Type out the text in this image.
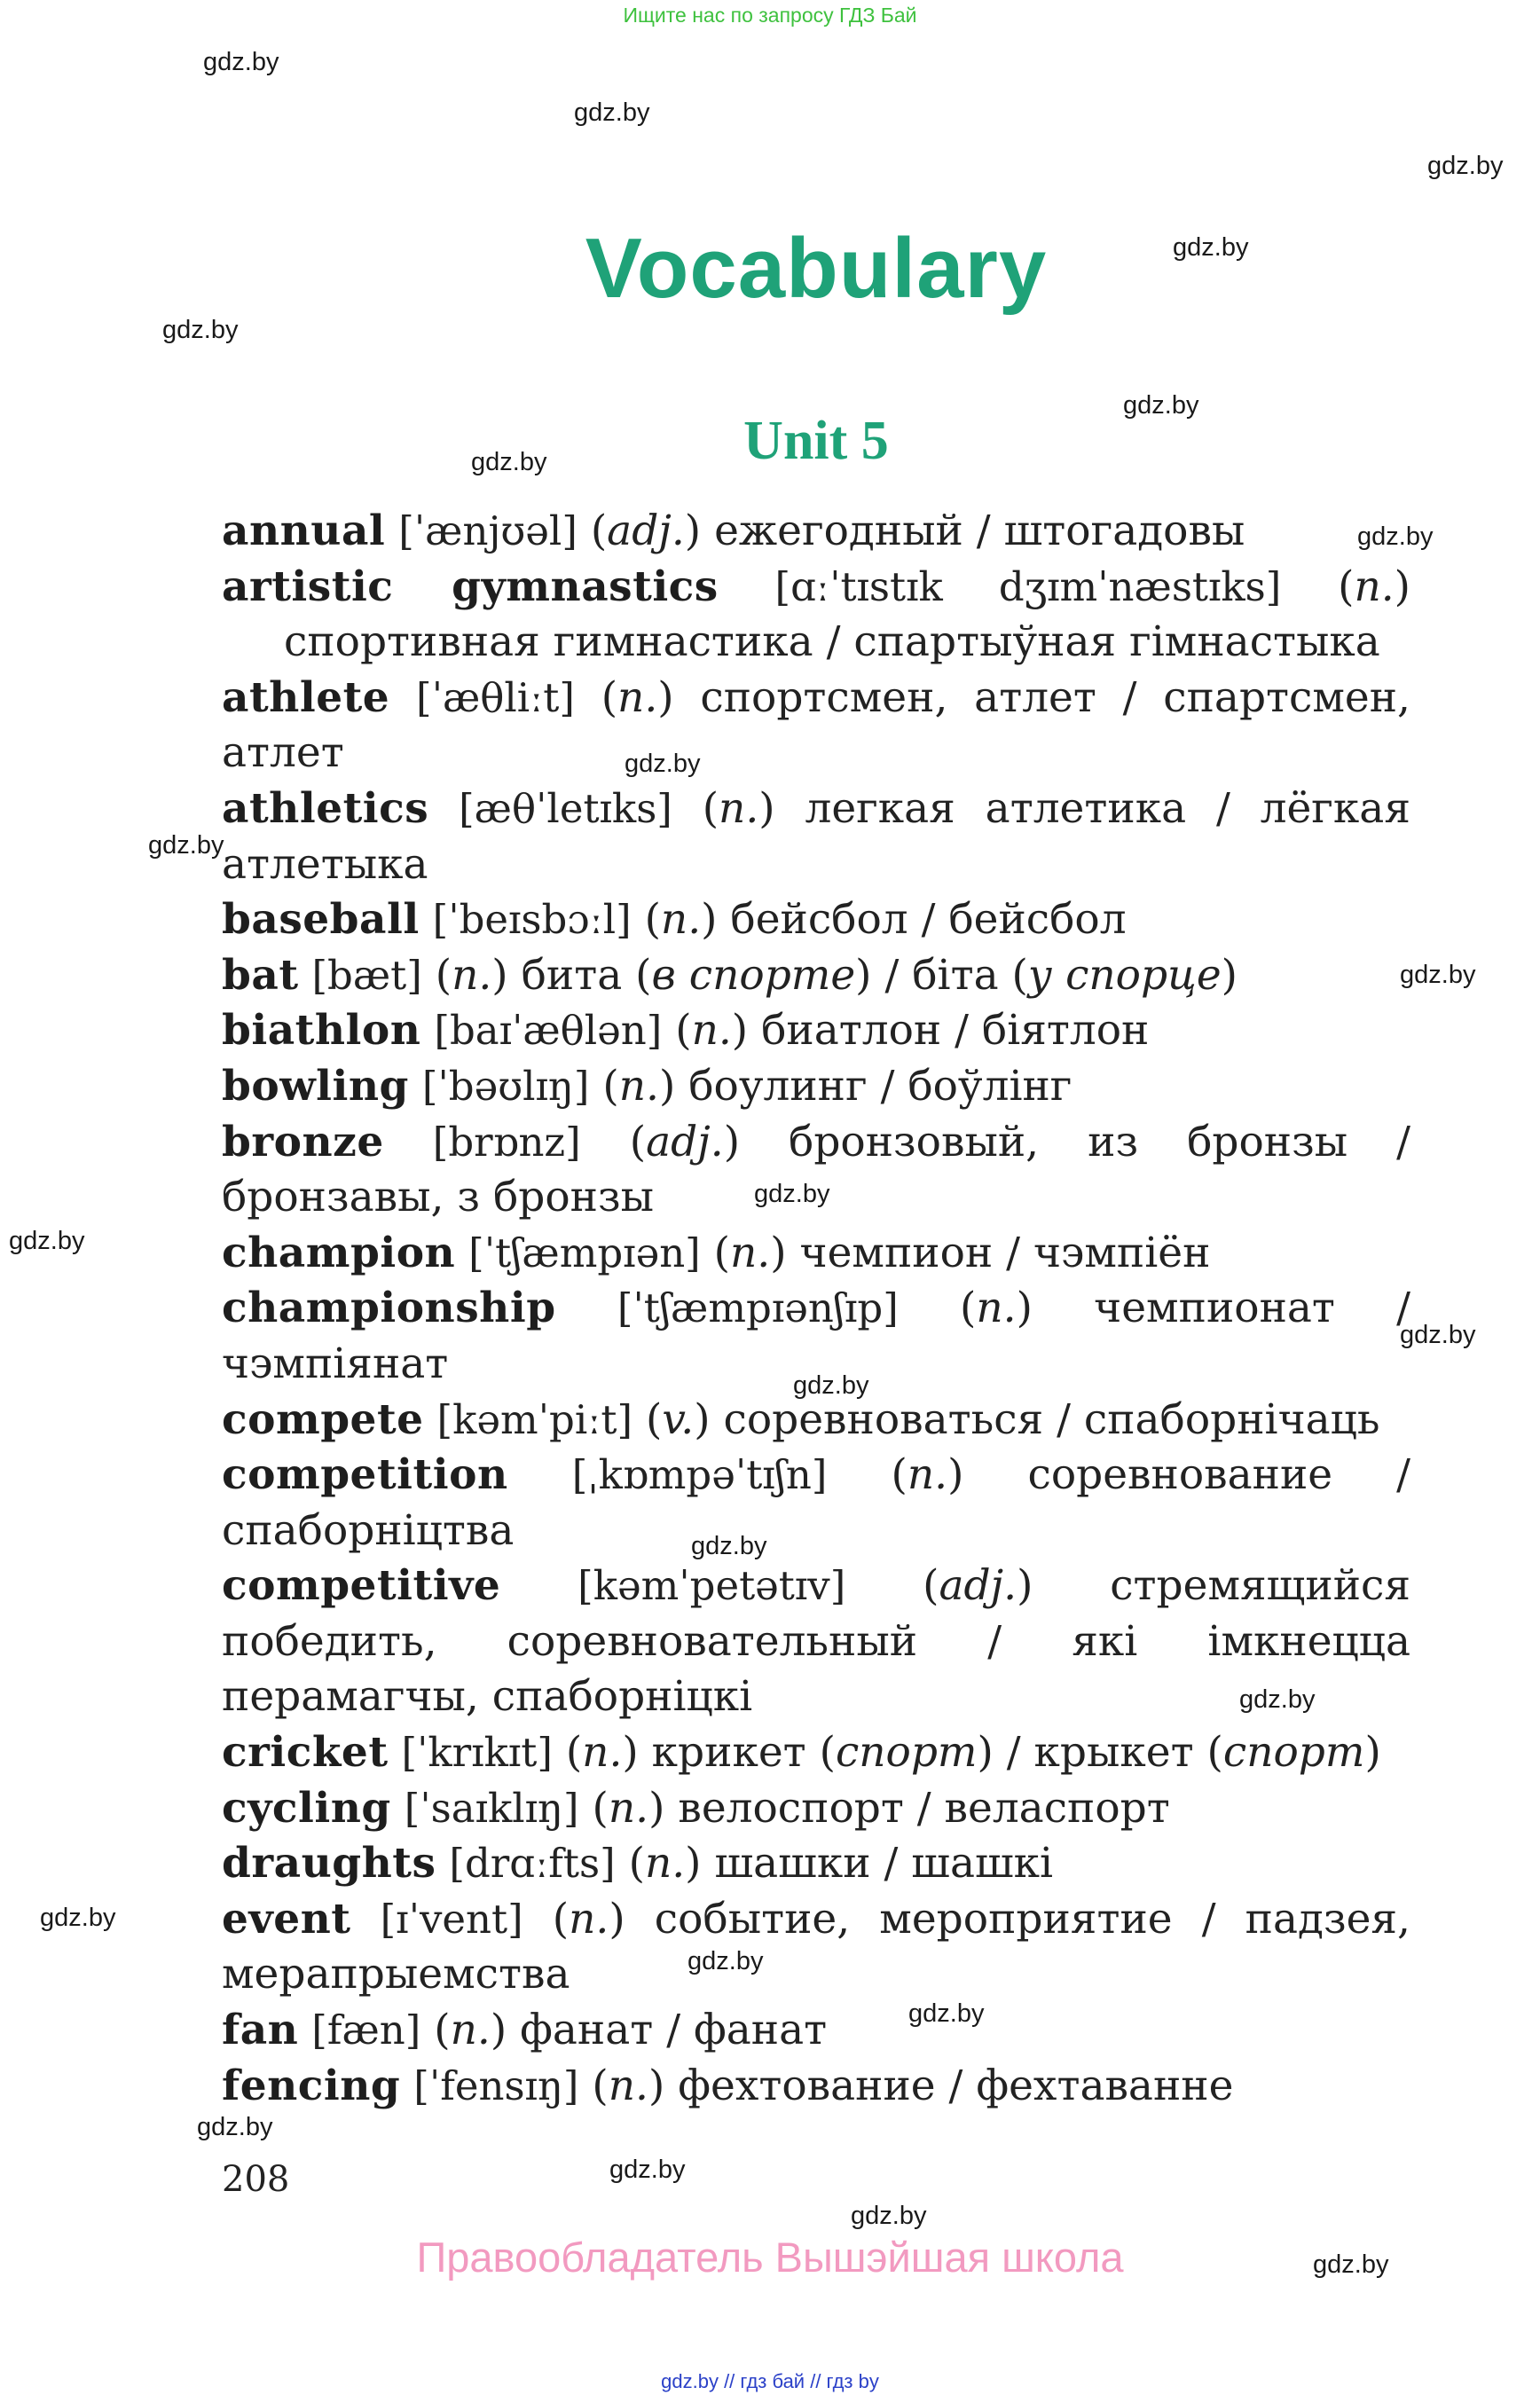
Ищите нас по запросу ГДЗ Бай
gdz.by
gdz.by
gdz.by
gdz.by
gdz.by
gdz.by
gdz.by
gdz.by
gdz.by
gdz.by
gdz.by
gdz.by
gdz.by
gdz.by
gdz.by
gdz.by
gdz.by
gdz.by
gdz.by
gdz.by
gdz.by
gdz.by
gdz.by
gdz.by
Vocabulary
Unit 5
annual [ˈænjʊəl] (adj.) ежегодный / штогадовы
artistic gymnastics [ɑːˈtɪstɪk dʒɪmˈnæstɪks] (n.)
спортивная гимнастика / спартыўная гімнастыка
athlete [ˈæθliːt] (n.) спортсмен, атлет / спартсмен, атлет
athletics [æθˈletɪks] (n.) легкая атлетика / лёгкая атлетыка
baseball [ˈbeɪsbɔːl] (n.) бейсбол / бейсбол
bat [bæt] (n.) бита (в спорте) / біта (у спорце)
biathlon [baɪˈæθlən] (n.) биатлон / біятлон
bowling [ˈbəʊlɪŋ] (n.) боулинг / боўлінг
bronze [brɒnz] (adj.) бронзовый, из бронзы / бронзавы, з бронзы
champion [ˈtʃæmpɪən] (n.) чемпион / чэмпіён
championship [ˈtʃæmpɪənʃɪp] (n.) чемпионат / чэмпіянат
compete [kəmˈpiːt] (v.) соревноваться / спаборнічаць
competition [ˌkɒmpəˈtɪʃn] (n.) соревнование / спаборніцтва
competitive [kəmˈpetətɪv] (adj.) стремящийся победить, соревновательный / які імкнецца перамагчы, спаборніцкі
cricket [ˈkrɪkɪt] (n.) крикет (спорт) / крыкет (спорт)
cycling [ˈsaɪklɪŋ] (n.) велоспорт / веласпорт
draughts [drɑːfts] (n.) шашки / шашкі
event [ɪˈvent] (n.) событие, мероприятие / падзея, мерапрыемства
fan [fæn] (n.) фанат / фанат
fencing [ˈfensɪŋ] (n.) фехтование / фехтаванне
208
Правообладатель Вышэйшая школа
gdz.by // гдз бай // гдз by
